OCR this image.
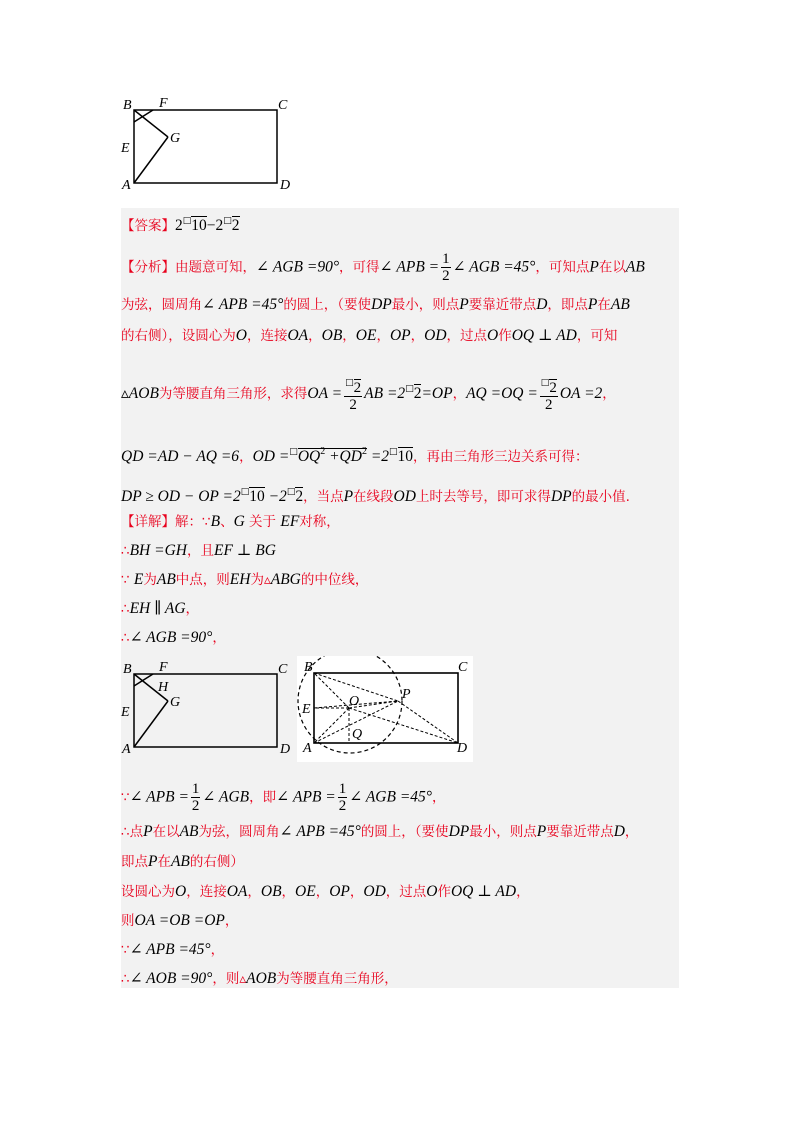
B F	C
E
G
A	D
【答案】2□10−2□2
【分析】由题意可知，∠ AGB =90°，可得∠ APB = $\frac{1}{2}$ ∠ AGB =45°，可知点P在以AB
为弦，圆周角∠ APB =45°的圆上，（要使DP最小，则点P要靠近带点D，即点P在AB
的右侧），设圆心为O，连接OA，OB，OE，OP，OD，过点O作OQ ⊥ AD，可知
▵AOB为等腰直角三角形，求得OA = $\frac{^□2}{2}$ AB =2□2=OP，AQ $=OQ = \frac{^□2}{2}$ OA =2，
QD =AD − AQ =6，OD $=^□OQ^2 +QD^2 =2^□10$，再由三角形三边关系可得：
DP ≥ OD − OP =2□10 −2□2，当点P在线段OD上时去等号，即可求得DP的最小值.
【详解】解：∵B、G 关于 EF对称，
∴BH =GH，且EF ⊥ BG
∵ E为AB中点，则EH为▵ABG的中位线，
∴EH ∥ AG，
∴∠ AGB =90°，
B F	C
E
H
G
A	D
B	C
E
O	P
Q
A	D
∵∠ APB = $\frac{1}{2}$ ∠ AGB，即∠ APB = $\frac{1}{2}$ ∠ AGB =45°，
∴点P在以AB为弦，圆周角∠ APB =45°的圆上，（要使DP最小，则点P要靠近带点D，
即点P在AB的右侧）
设圆心为O，连接OA，OB，OE，OP，OD，过点O作OQ ⊥ AD，
则OA =OB =OP，
∵∠ APB =45°，
∴∠ AOB =90°，则▵AOB为等腰直角三角形，
